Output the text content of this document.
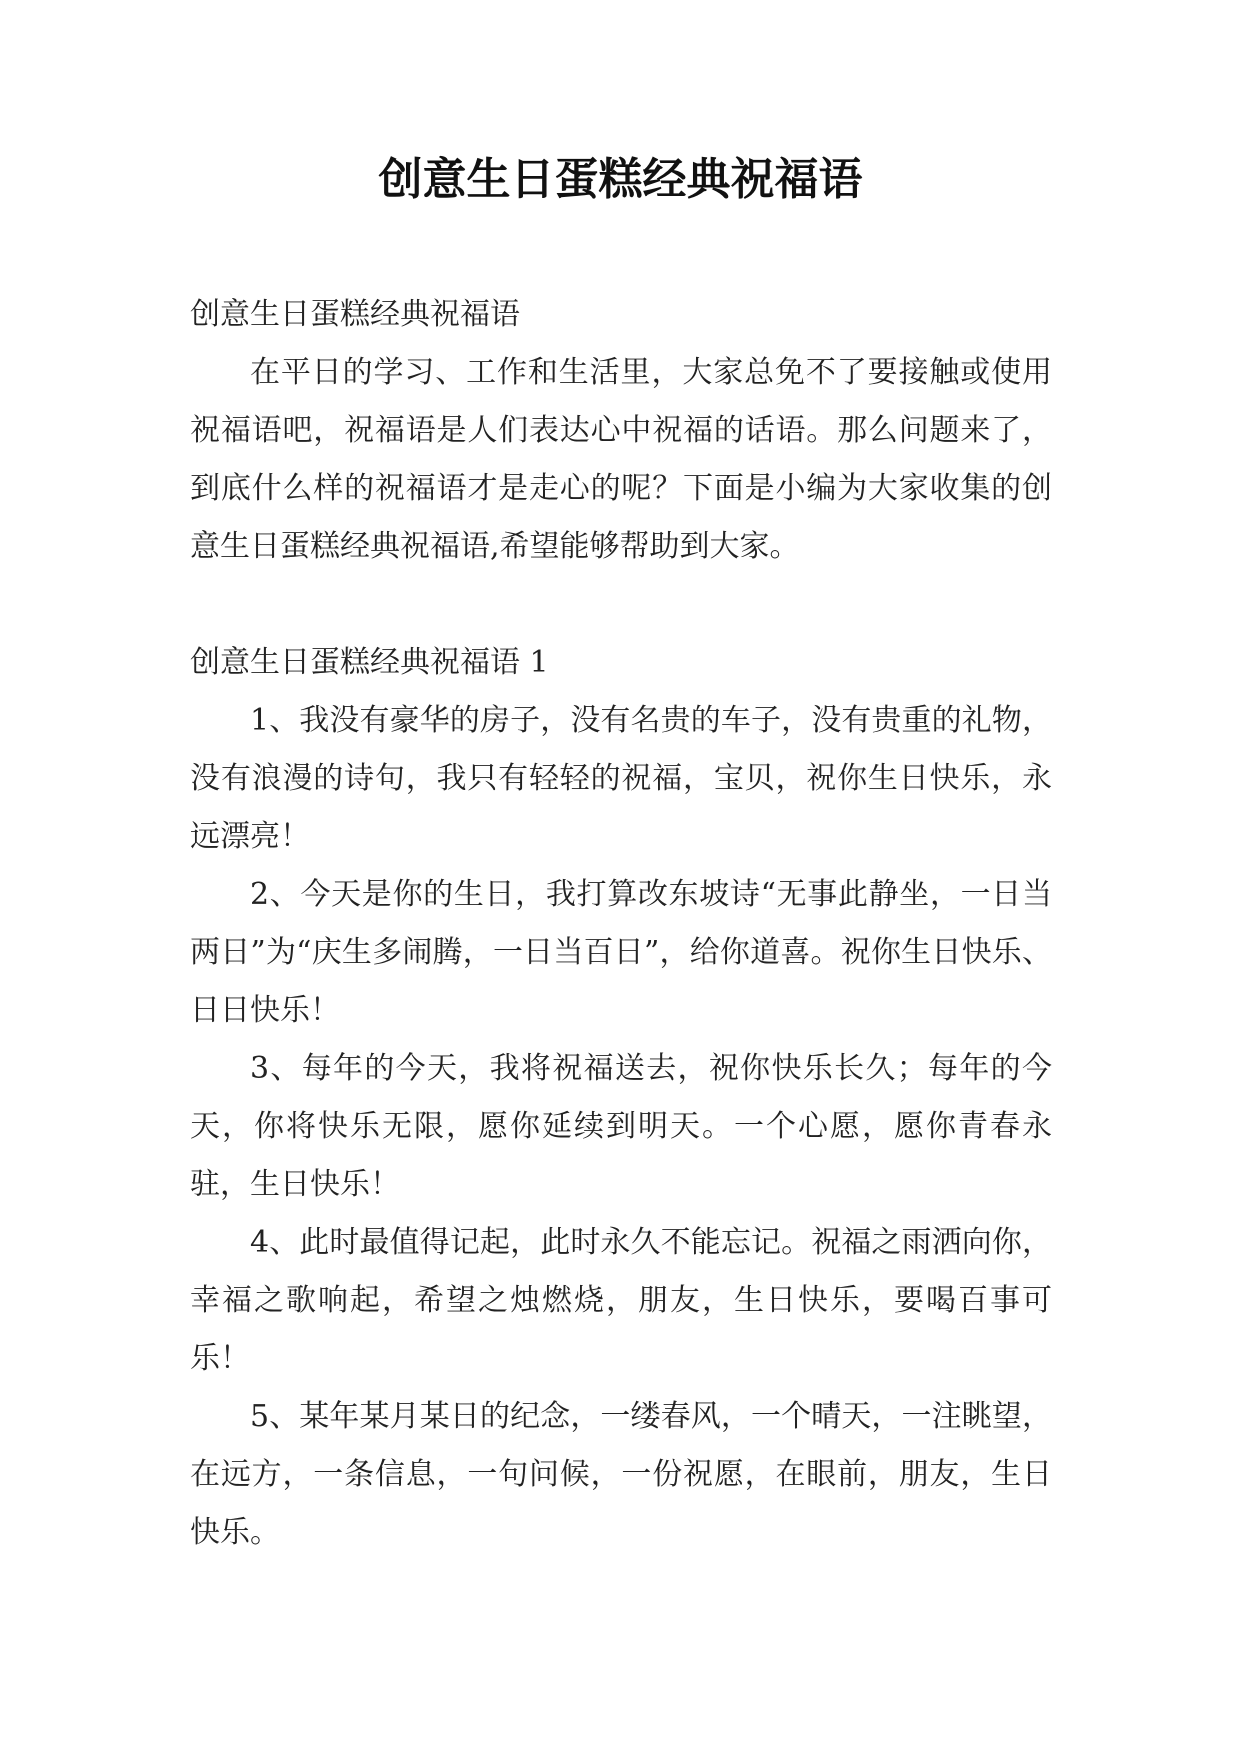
创意生日蛋糕经典祝福语

创意生日蛋糕经典祝福语

在平日的学习、工作和生活里，大家总免不了要接触或使用祝福语吧，祝福语是人们表达心中祝福的话语。那么问题来了，到底什么样的祝福语才是走心的呢？下面是小编为大家收集的创意生日蛋糕经典祝福语,希望能够帮助到大家。

创意生日蛋糕经典祝福语 1

1、我没有豪华的房子，没有名贵的车子，没有贵重的礼物，没有浪漫的诗句，我只有轻轻的祝福，宝贝，祝你生日快乐，永远漂亮！

2、今天是你的生日，我打算改东坡诗“无事此静坐，一日当两日”为“庆生多闹腾，一日当百日”，给你道喜。祝你生日快乐、日日快乐！

3、每年的今天，我将祝福送去，祝你快乐长久；每年的今天，你将快乐无限，愿你延续到明天。一个心愿，愿你青春永驻，生日快乐！

4、此时最值得记起，此时永久不能忘记。祝福之雨洒向你，幸福之歌响起，希望之烛燃烧，朋友，生日快乐，要喝百事可乐！

5、某年某月某日的纪念，一缕春风，一个晴天，一注眺望，在远方，一条信息，一句问候，一份祝愿，在眼前，朋友，生日快乐。
